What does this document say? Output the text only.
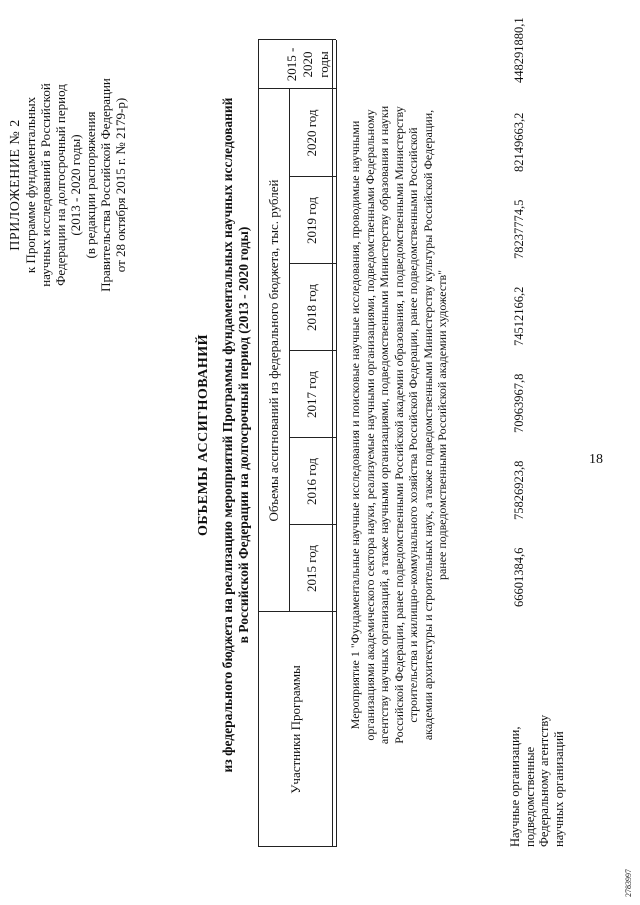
18
ПРИЛОЖЕНИЕ № 2 к Программе фундаментальных научных исследований в Российской Федерации на долгосрочный период (2013 - 2020 годы) (в редакции распоряжения Правительства Российской Федерации от 28 октября 2015 г. № 2179-р)
ОБЪЕМЫ АССИГНОВАНИЙ из федерального бюджета на реализацию мероприятий Программы фундаментальных научных исследований в Российской Федерации на долгосрочный период (2013 - 2020 годы)
Участники Программы
Объемы ассигнований из федерального бюджета, тыс. рублей
2015 год
2016 год
2017 год
2018 год
2019 год
2020 год
2015 - 2020 годы
Мероприятие 1 "Фундаментальные научные исследования и поисковые научные исследования, проводимые научными организациями академического сектора науки, реализуемые научными организациями, подведомственными Федеральному агентству научных организаций, а также научными организациями, подведомственными Министерству образования и науки Российской Федерации, ранее подведомственными Российской академии образования, и подведомственными Министерству строительства и жилищно-коммунального хозяйства Российской Федерации, ранее подведомственными Российской академии архитектуры и строительных наук, а также подведомственными Министерству культуры Российской Федерации, ранее подведомственными Российской академии художеств"
Научные организации, подведомственные Федеральному агентству научных организаций
66601384,6
75826923,8
70963967,8
74512166,2
78237774,5
82149663,2
448291880,1
2783997
